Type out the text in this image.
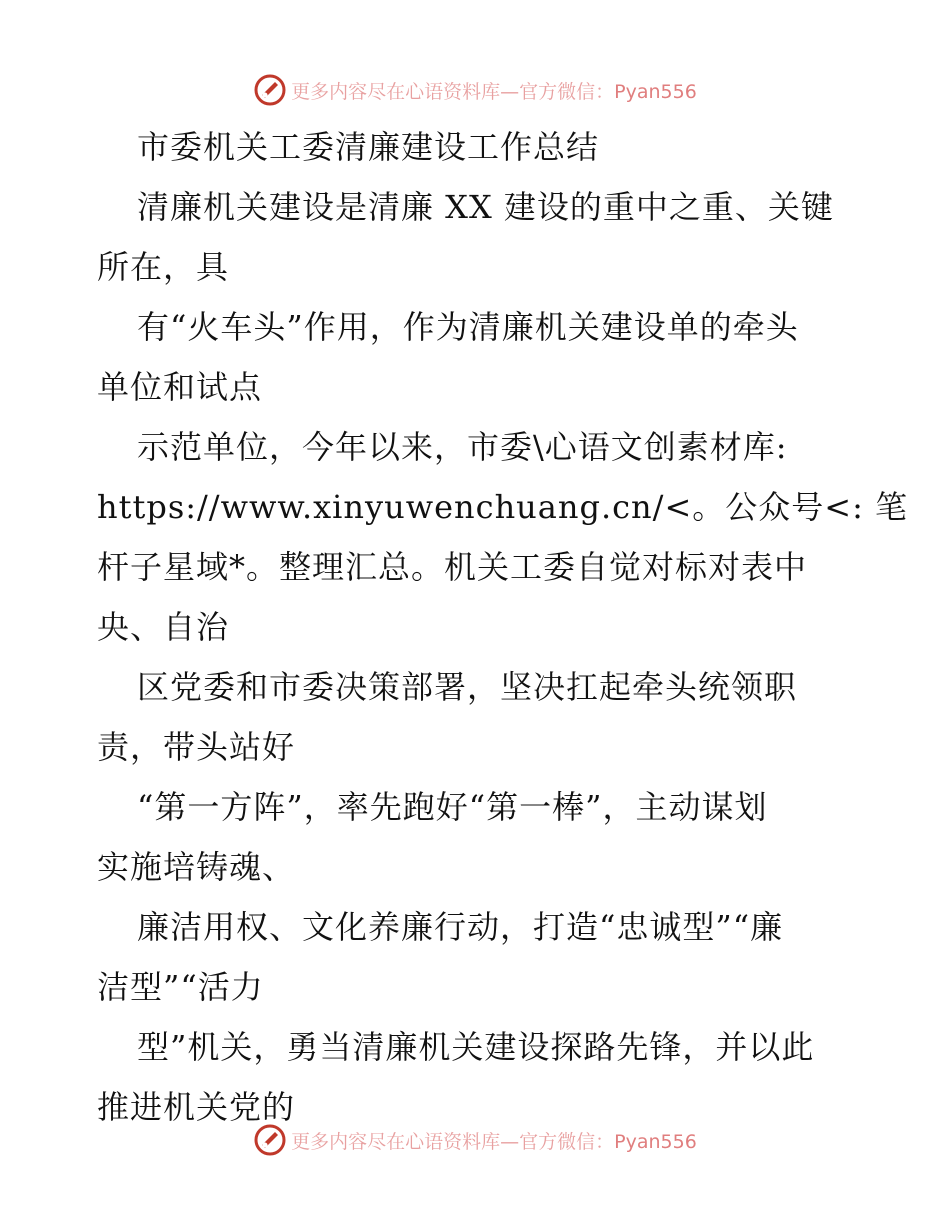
更多内容尽在心语资料库—官方微信：Pyan556
市委机关工委清廉建设工作总结
清廉机关建设是清廉 XX 建设的重中之重、关键
所在，具
有“火车头”作用，作为清廉机关建设单的牵头
单位和试点
示范单位，今年以来，市委\心语文创素材库:
https://www.xinyuwenchuang.cn/<。公众号<: 笔
杆子星域*。整理汇总。机关工委自觉对标对表中
央、自治
区党委和市委决策部署，坚决扛起牵头统领职
责，带头站好
“第一方阵”，率先跑好“第一棒”，主动谋划
实施培铸魂、
廉洁用权、文化养廉行动，打造“忠诚型”“廉
洁型”“活力
型”机关，勇当清廉机关建设探路先锋，并以此
推进机关党的
更多内容尽在心语资料库—官方微信：Pyan556
